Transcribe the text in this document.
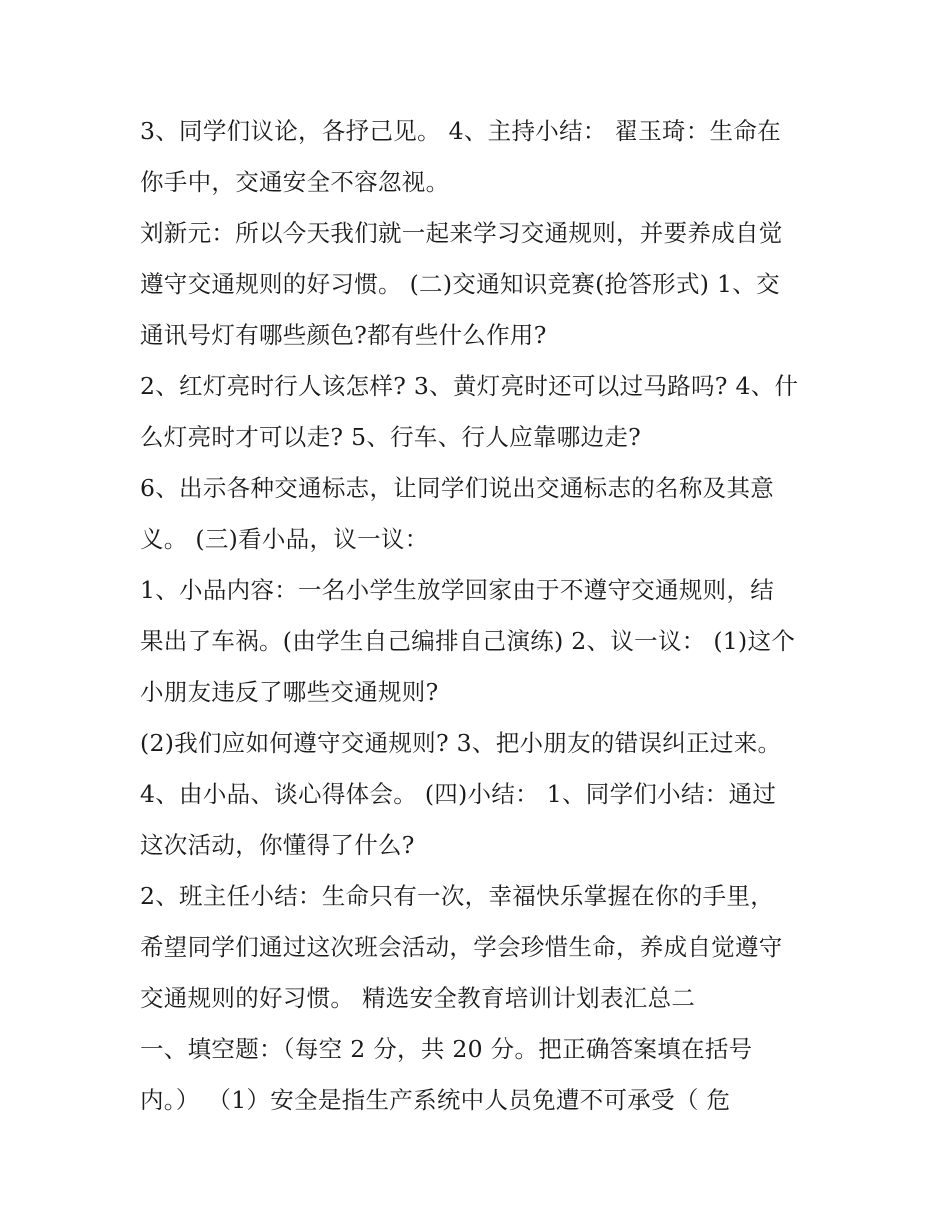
3、同学们议论，各抒己见。 4、主持小结： 翟玉琦：生命在
你手中，交通安全不容忽视。
刘新元：所以今天我们就一起来学习交通规则，并要养成自觉
遵守交通规则的好习惯。 (二)交通知识竞赛(抢答形式) 1、交
通讯号灯有哪些颜色?都有些什么作用?
2、红灯亮时行人该怎样? 3、黄灯亮时还可以过马路吗? 4、什
么灯亮时才可以走? 5、行车、行人应靠哪边走?
6、出示各种交通标志，让同学们说出交通标志的名称及其意
义。 (三)看小品，议一议：
1、小品内容：一名小学生放学回家由于不遵守交通规则，结
果出了车祸。(由学生自己编排自己演练) 2、议一议： (1)这个
小朋友违反了哪些交通规则?
(2)我们应如何遵守交通规则? 3、把小朋友的错误纠正过来。
4、由小品、谈心得体会。 (四)小结： 1、同学们小结：通过
这次活动，你懂得了什么?
2、班主任小结：生命只有一次，幸福快乐掌握在你的手里，
希望同学们通过这次班会活动，学会珍惜生命，养成自觉遵守
交通规则的好习惯。 精选安全教育培训计划表汇总二
一、填空题：（每空 2 分，共 20 分。把正确答案填在括号
内。） （1）安全是指生产系统中人员免遭不可承受（ 危
